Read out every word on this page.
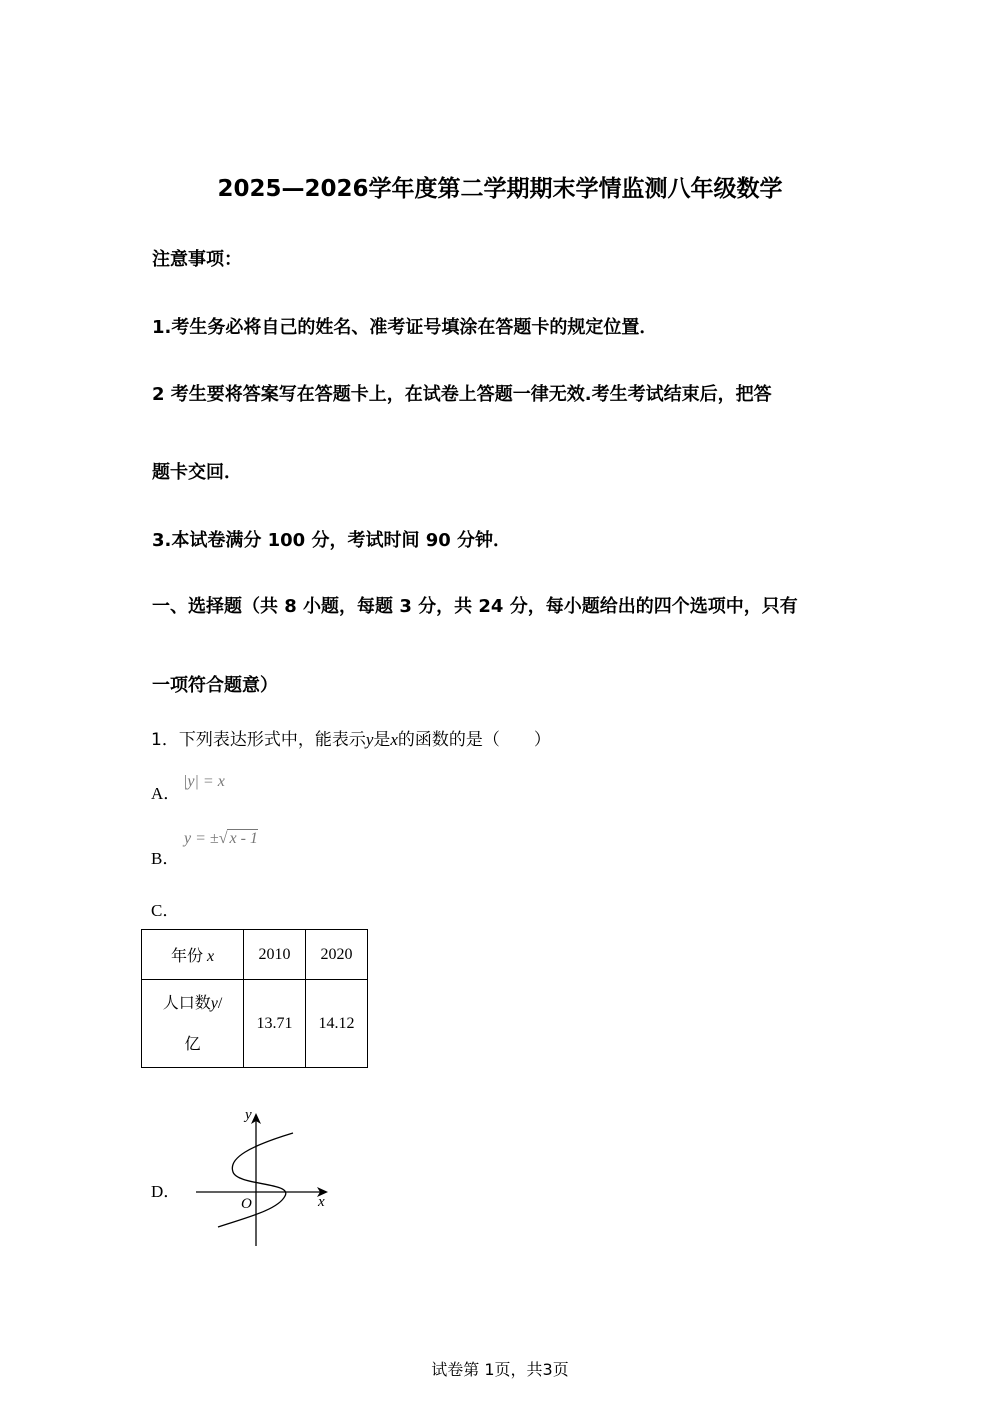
2025—2026学年度第二学期期末学情监测八年级数学
注意事项：
1.考生务必将自己的姓名、准考证号填涂在答题卡的规定位置．
2 考生要将答案写在答题卡上，在试卷上答题一律无效.考生考试结束后，把答
题卡交回．
3.本试卷满分 100 分，考试时间 90 分钟．
一、选择题（共 8 小题，每题 3 分，共 24 分，每小题给出的四个选项中，只有
一项符合题意）
1．下列表达形式中，能表示y是x的函数的是（　　）
A．
|y| = x
B．
y = ±√ x - 1
C．
年份 x	2010	2020
人口数y/
亿	13.71	14.12
D．
y
x
O
试卷第 1页，共3页
